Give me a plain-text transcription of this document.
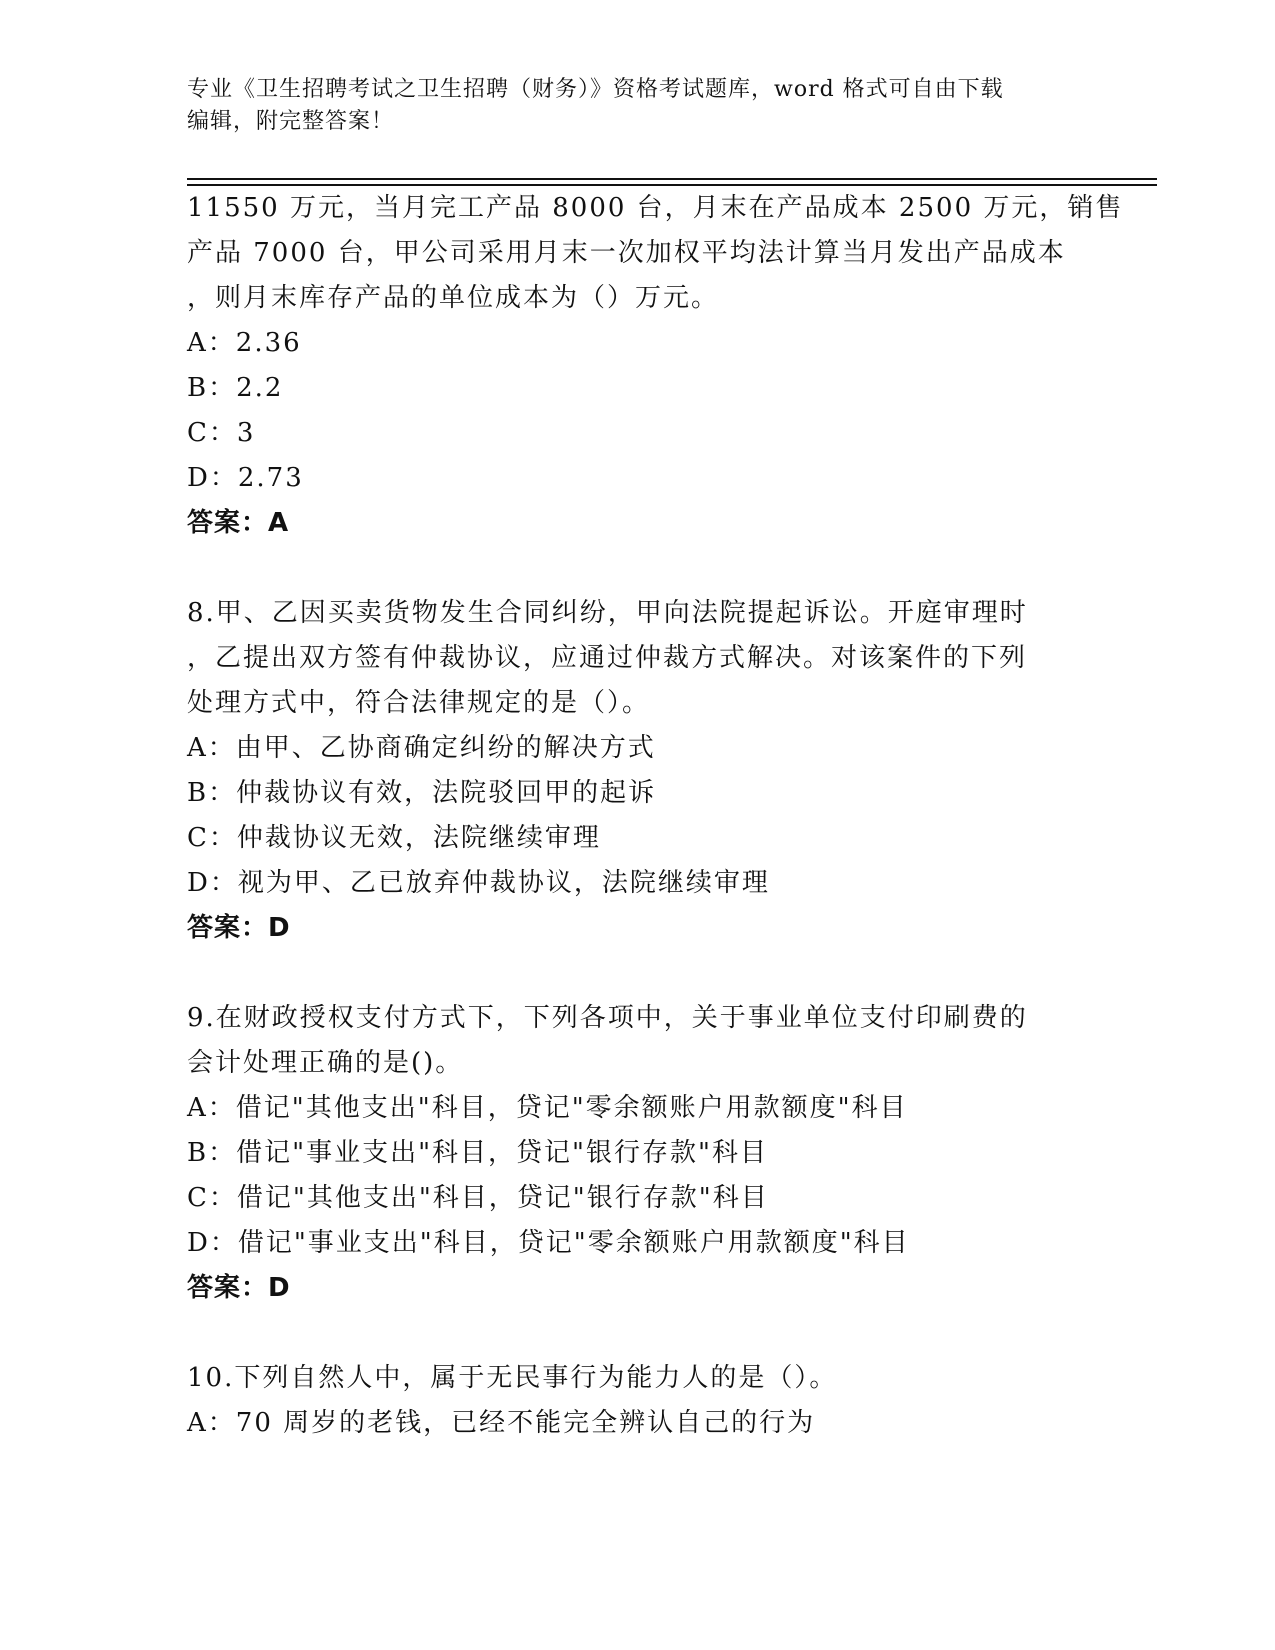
专业《卫生招聘考试之卫生招聘（财务）》资格考试题库，word 格式可自由下载
编辑，附完整答案！
11550 万元，当月完工产品 8000 台，月末在产品成本 2500 万元，销售
产品 7000 台，甲公司采用月末一次加权平均法计算当月发出产品成本
，则月末库存产品的单位成本为（）万元。
A：2.36
B：2.2
C：3
D：2.73
答案：A
8.甲、乙因买卖货物发生合同纠纷，甲向法院提起诉讼。开庭审理时
，乙提出双方签有仲裁协议，应通过仲裁方式解决。对该案件的下列
处理方式中，符合法律规定的是（）。
A：由甲、乙协商确定纠纷的解决方式
B：仲裁协议有效，法院驳回甲的起诉
C：仲裁协议无效，法院继续审理
D：视为甲、乙已放弃仲裁协议，法院继续审理
答案：D
9.在财政授权支付方式下，下列各项中，关于事业单位支付印刷费的
会计处理正确的是()。
A：借记"其他支出"科目，贷记"零余额账户用款额度"科目
B：借记"事业支出"科目，贷记"银行存款"科目
C：借记"其他支出"科目，贷记"银行存款"科目
D：借记"事业支出"科目，贷记"零余额账户用款额度"科目
答案：D
10.下列自然人中，属于无民事行为能力人的是（）。
A：70 周岁的老钱，已经不能完全辨认自己的行为
